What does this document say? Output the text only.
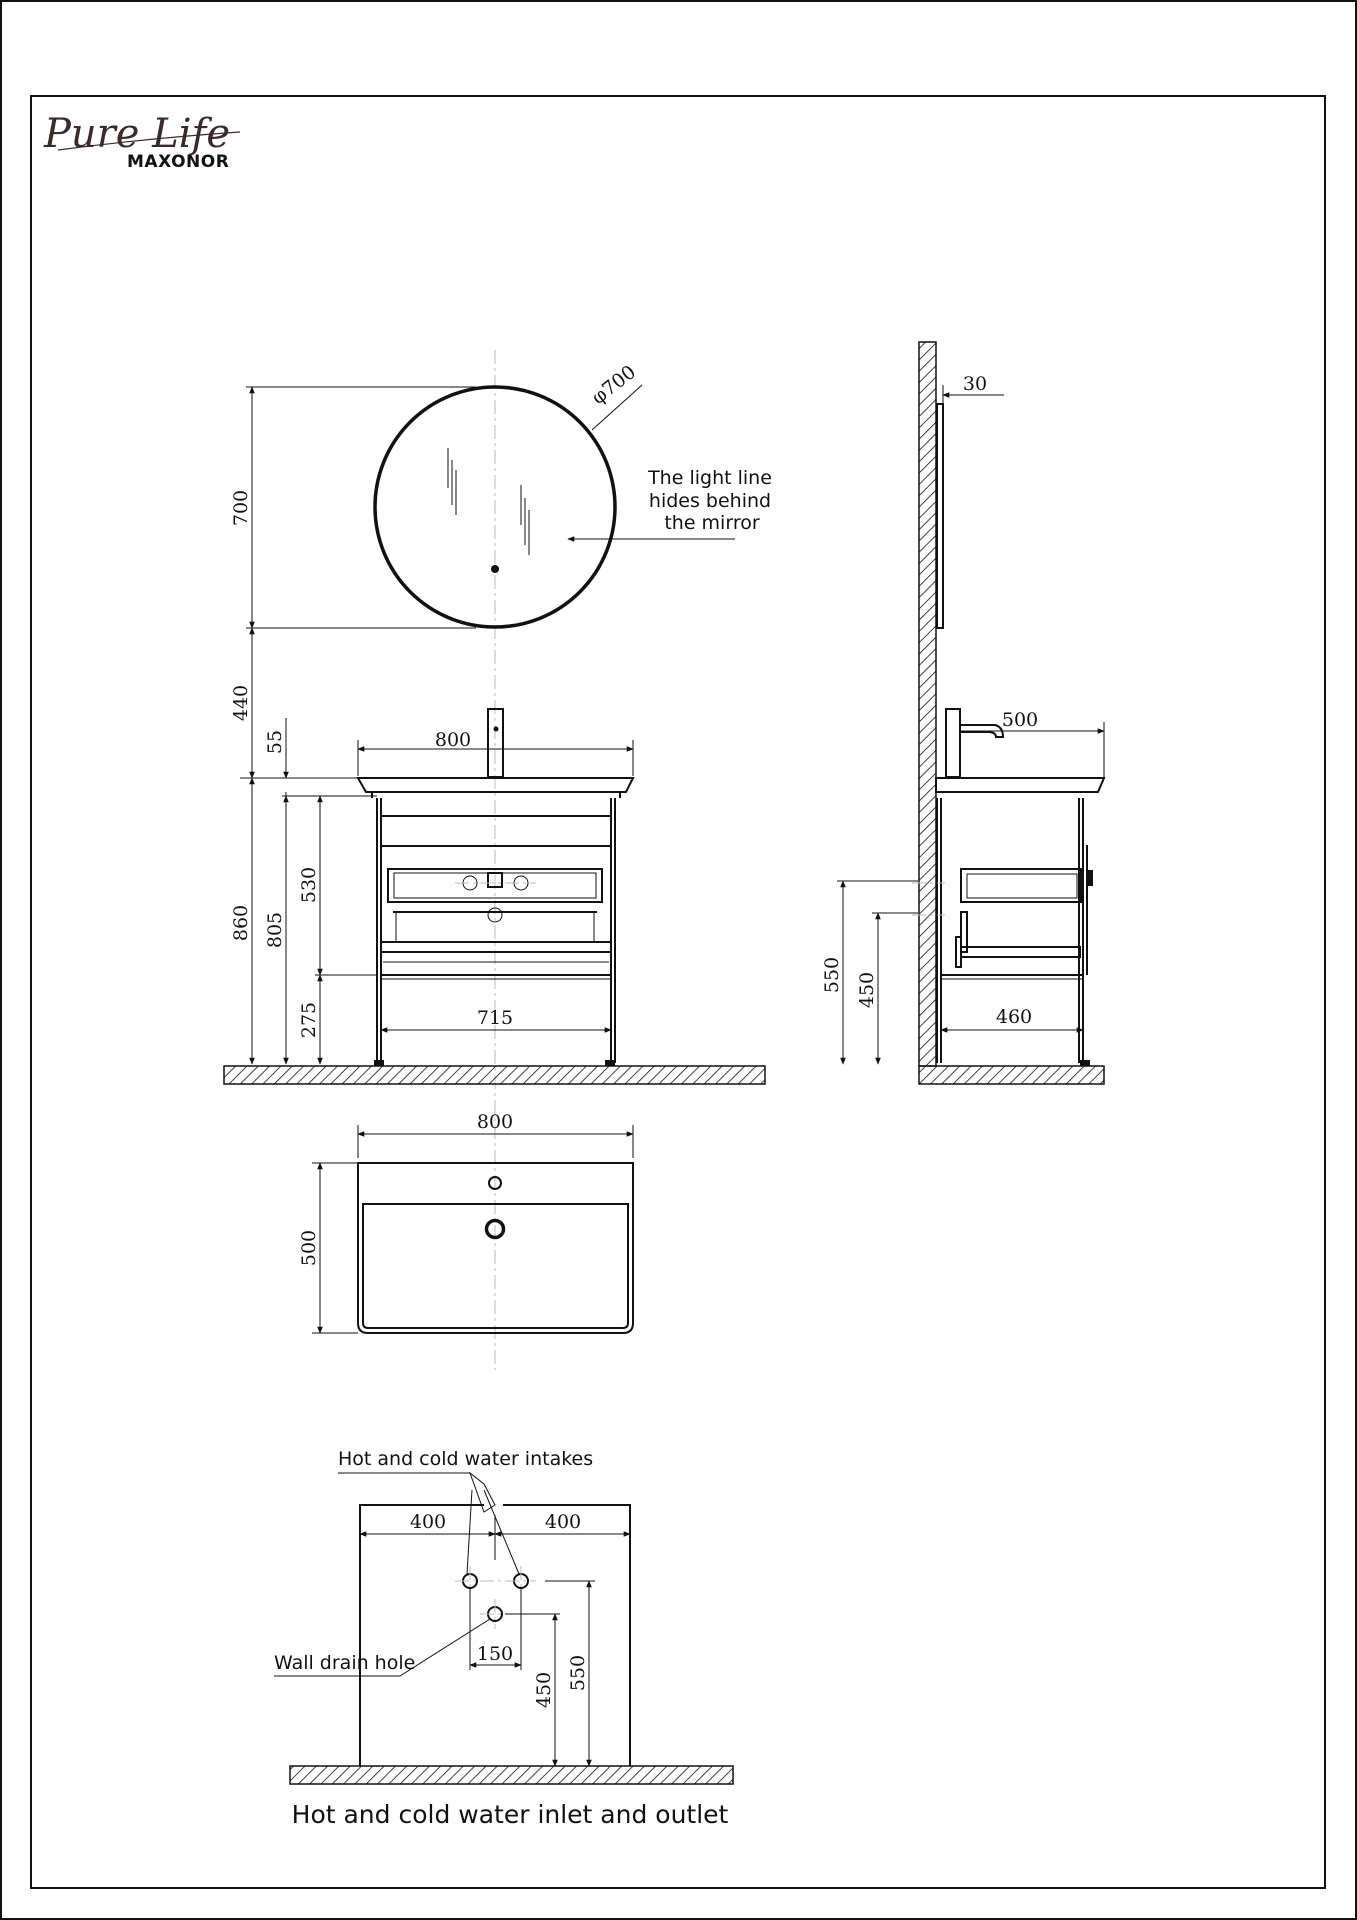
Pure Life
MAXONOR
φ700
The light line
hides behind
the mirror
700
440
800
55
860 805
530
275	715
30
500
460
550 450
800
500
Hot and cold water intakes
400	400
Wall drain hole	150
450 550
Hot and cold water inlet and outlet
